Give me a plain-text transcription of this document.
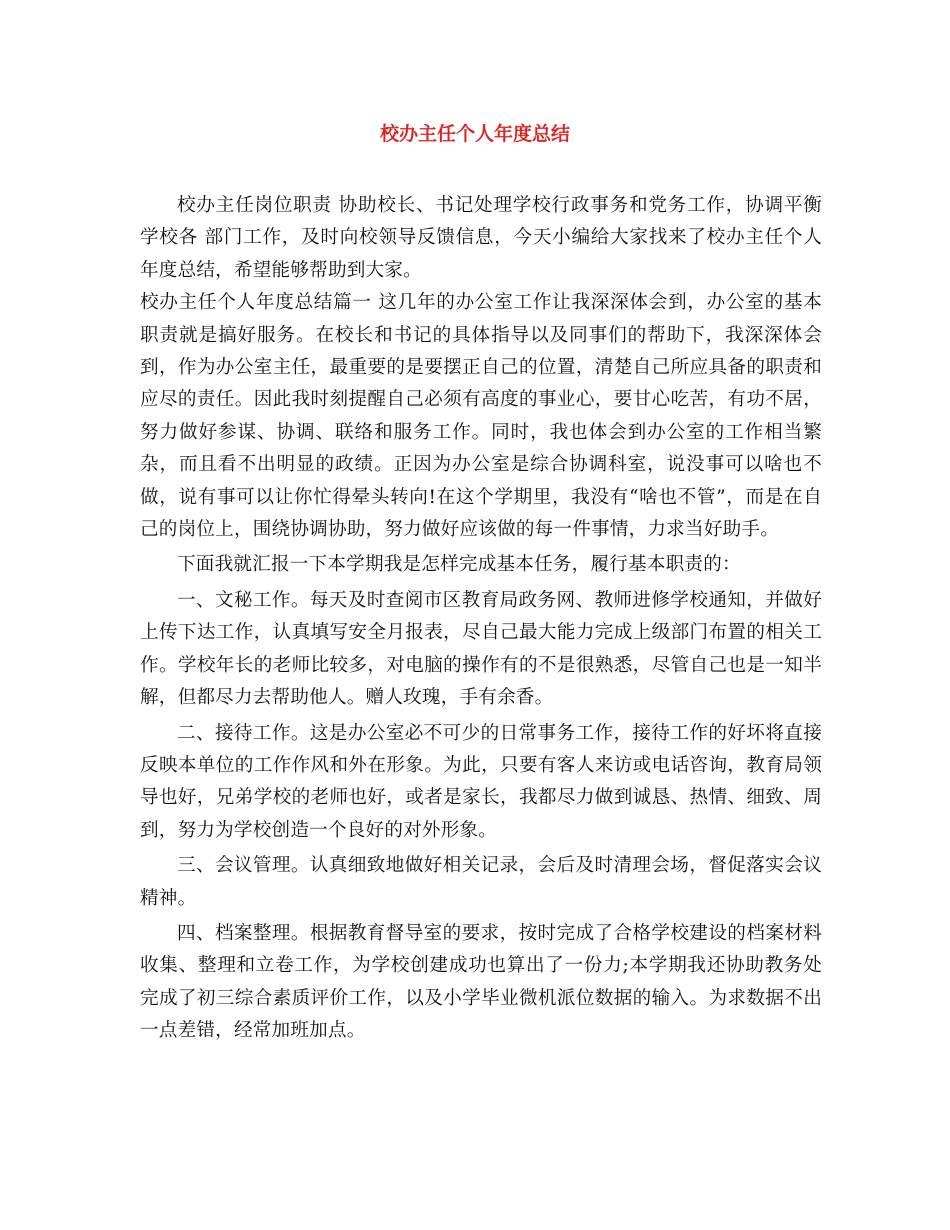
校办主任个人年度总结

校办主任岗位职责 协助校长、书记处理学校行政事务和党务工作，协调平衡学校各 部门工作，及时向校领导反馈信息，今天小编给大家找来了校办主任个人年度总结，希望能够帮助到大家。

校办主任个人年度总结篇一 这几年的办公室工作让我深深体会到，办公室的基本职责就是搞好服务。在校长和书记的具体指导以及同事们的帮助下，我深深体会到，作为办公室主任，最重要的是要摆正自己的位置，清楚自己所应具备的职责和应尽的责任。因此我时刻提醒自己必须有高度的事业心，要甘心吃苦，有功不居，努力做好参谋、协调、联络和服务工作。同时，我也体会到办公室的工作相当繁杂，而且看不出明显的政绩。正因为办公室是综合协调科室，说没事可以啥也不做，说有事可以让你忙得晕头转向!在这个学期里，我没有“啥也不管”，而是在自己的岗位上，围绕协调协助，努力做好应该做的每一件事情，力求当好助手。

下面我就汇报一下本学期我是怎样完成基本任务，履行基本职责的：

一、文秘工作。每天及时查阅市区教育局政务网、教师进修学校通知，并做好上传下达工作，认真填写安全月报表，尽自己最大能力完成上级部门布置的相关工作。学校年长的老师比较多，对电脑的操作有的不是很熟悉，尽管自己也是一知半解，但都尽力去帮助他人。赠人玫瑰，手有余香。

二、接待工作。这是办公室必不可少的日常事务工作，接待工作的好坏将直接反映本单位的工作作风和外在形象。为此，只要有客人来访或电话咨询，教育局领导也好，兄弟学校的老师也好，或者是家长，我都尽力做到诚恳、热情、细致、周到，努力为学校创造一个良好的对外形象。

三、会议管理。认真细致地做好相关记录，会后及时清理会场，督促落实会议精神。

四、档案整理。根据教育督导室的要求，按时完成了合格学校建设的档案材料收集、整理和立卷工作，为学校创建成功也算出了一份力;本学期我还协助教务处完成了初三综合素质评价工作，以及小学毕业微机派位数据的输入。为求数据不出一点差错，经常加班加点。
